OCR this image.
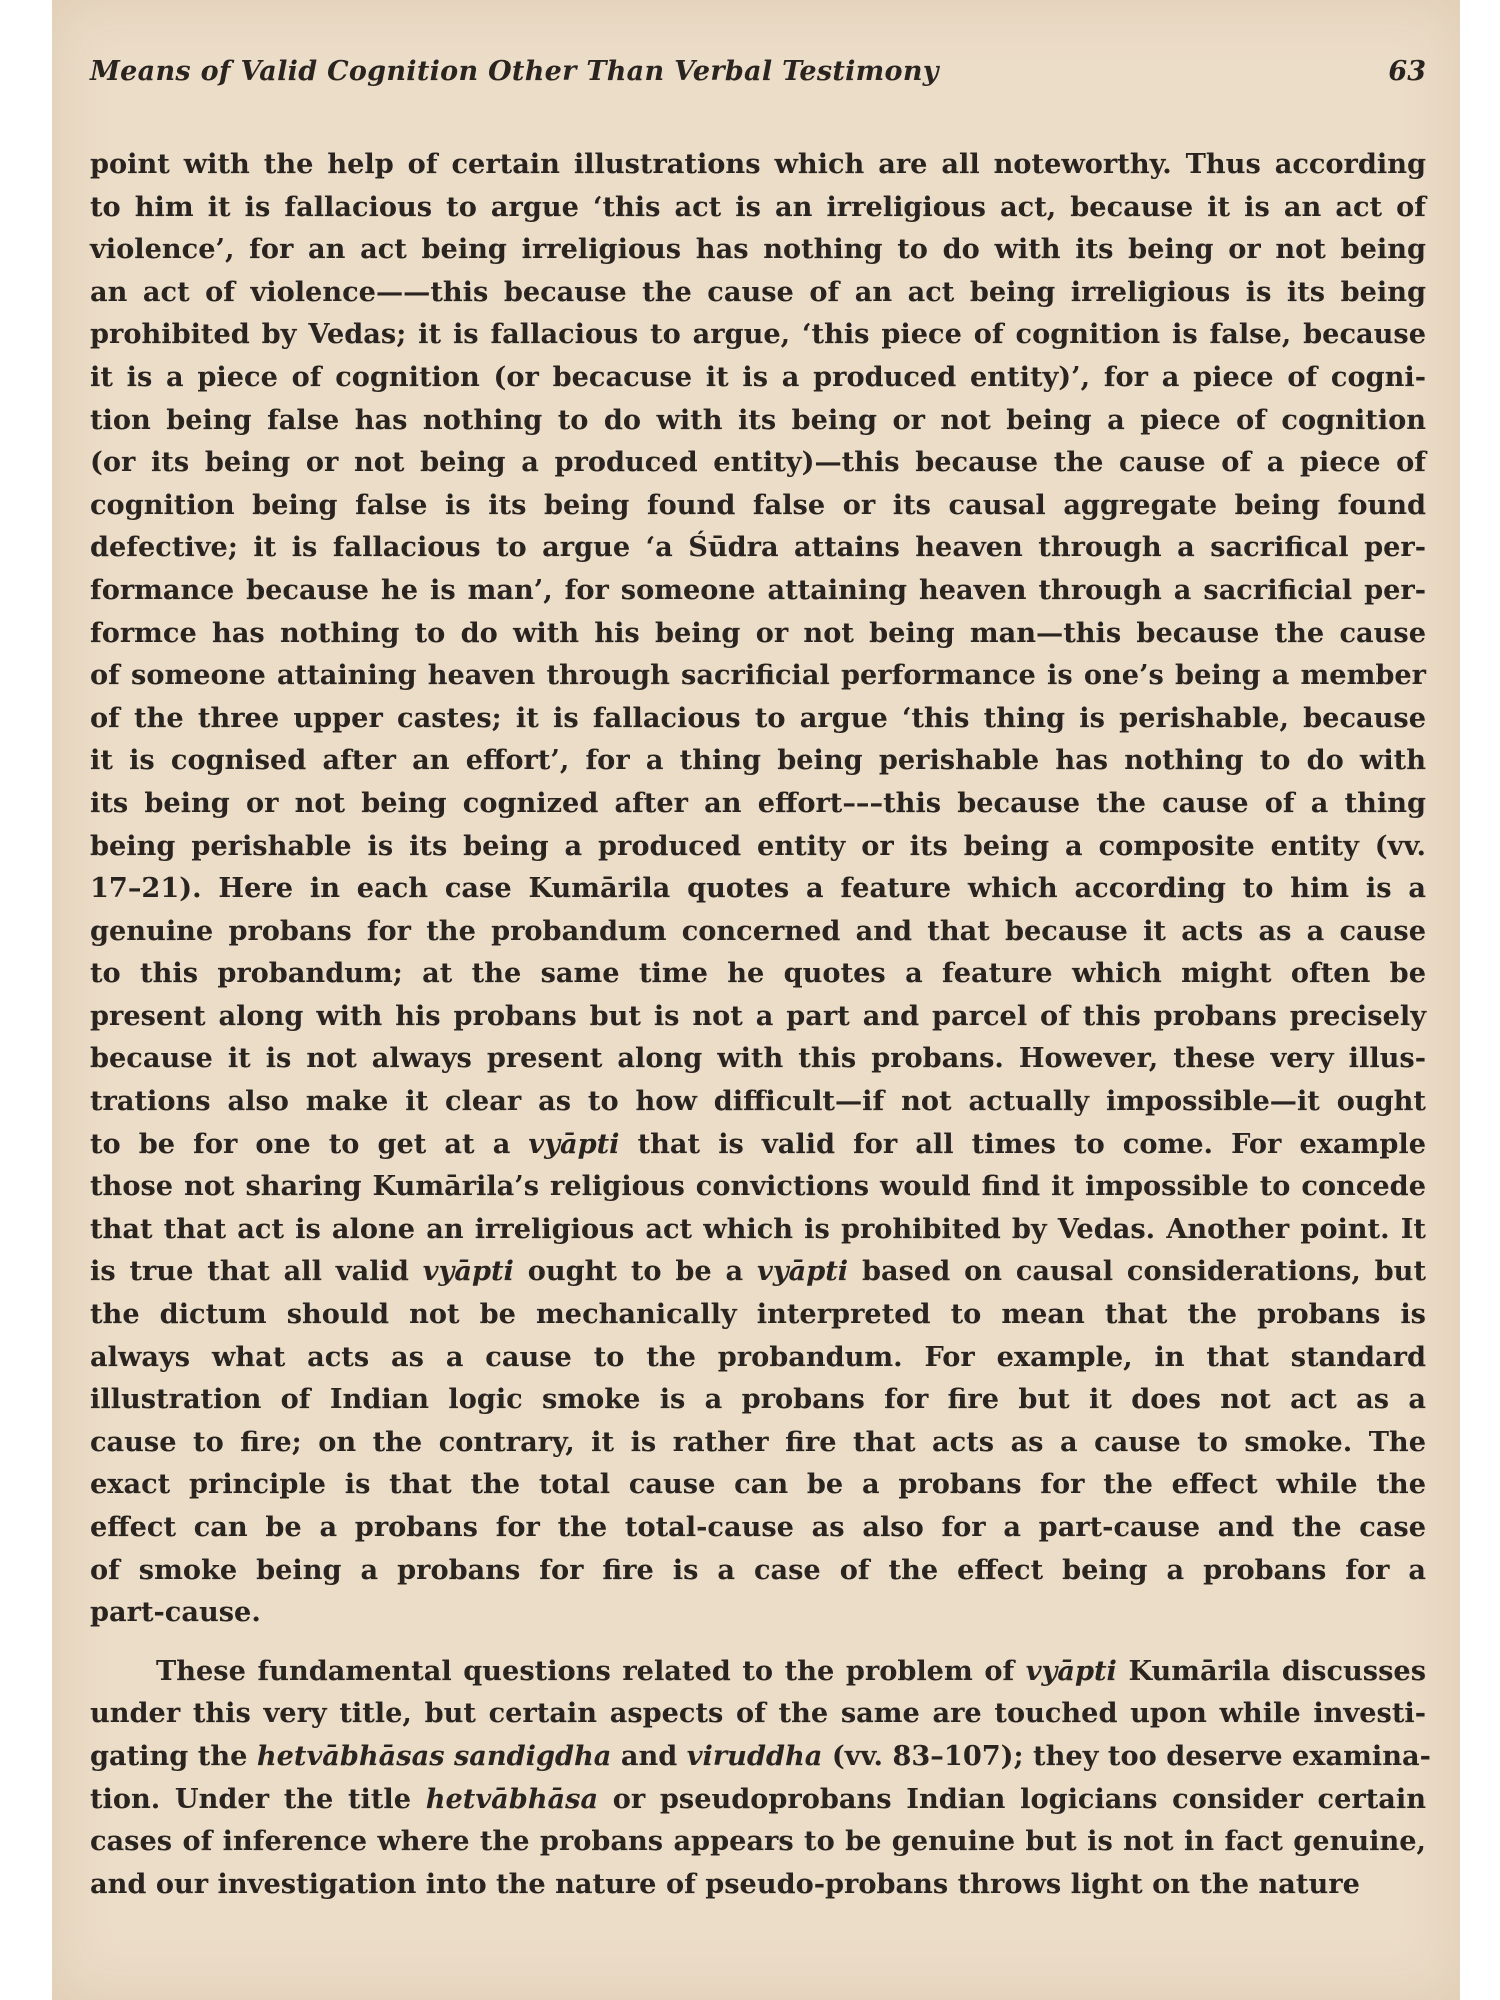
Means of Valid Cognition Other Than Verbal Testimony	63
point with the help of certain illustrations which are all noteworthy. Thus according
to him it is fallacious to argue ‘this act is an irreligious act, because it is an act of
violence’, for an act being irreligious has nothing to do with its being or not being
an act of violence——this because the cause of an act being irreligious is its being
prohibited by Vedas; it is fallacious to argue, ‘this piece of cognition is false, because
it is a piece of cognition (or becacuse it is a produced entity)’, for a piece of cogni-
tion being false has nothing to do with its being or not being a piece of cognition
(or its being or not being a produced entity)—this because the cause of a piece of
cognition being false is its being found false or its causal aggregate being found
defective; it is fallacious to argue ‘a Śūdra attains heaven through a sacrifical per-
formance because he is man’, for someone attaining heaven through a sacrificial per-
formce has nothing to do with his being or not being man—this because the cause
of someone attaining heaven through sacrificial performance is one’s being a member
of the three upper castes; it is fallacious to argue ‘this thing is perishable, because
it is cognised after an effort’, for a thing being perishable has nothing to do with
its being or not being cognized after an effort–––this because the cause of a thing
being perishable is its being a produced entity or its being a composite entity (vv.
17–21). Here in each case Kumārila quotes a feature which according to him is a
genuine probans for the probandum concerned and that because it acts as a cause
to this probandum; at the same time he quotes a feature which might often be
present along with his probans but is not a part and parcel of this probans precisely
because it is not always present along with this probans. However, these very illus-
trations also make it clear as to how difficult—if not actually impossible—it ought
to be for one to get at a vyāpti that is valid for all times to come. For example
those not sharing Kumārila’s religious convictions would find it impossible to concede
that that act is alone an irreligious act which is prohibited by Vedas. Another point. It
is true that all valid vyāpti ought to be a vyāpti based on causal considerations, but
the dictum should not be mechanically interpreted to mean that the probans is
always what acts as a cause to the probandum. For example, in that standard
illustration of Indian logic smoke is a probans for fire but it does not act as a
cause to fire; on the contrary, it is rather fire that acts as a cause to smoke. The
exact principle is that the total cause can be a probans for the effect while the
effect can be a probans for the total-cause as also for a part-cause and the case
of smoke being a probans for fire is a case of the effect being a probans for a
part-cause.
These fundamental questions related to the problem of vyāpti Kumārila discusses
under this very title, but certain aspects of the same are touched upon while investi-
gating the hetvābhāsas sandigdha and viruddha (vv. 83–107); they too deserve examina-
tion. Under the title hetvābhāsa or pseudoprobans Indian logicians consider certain
cases of inference where the probans appears to be genuine but is not in fact genuine,
and our investigation into the nature of pseudo-probans throws light on the nature
